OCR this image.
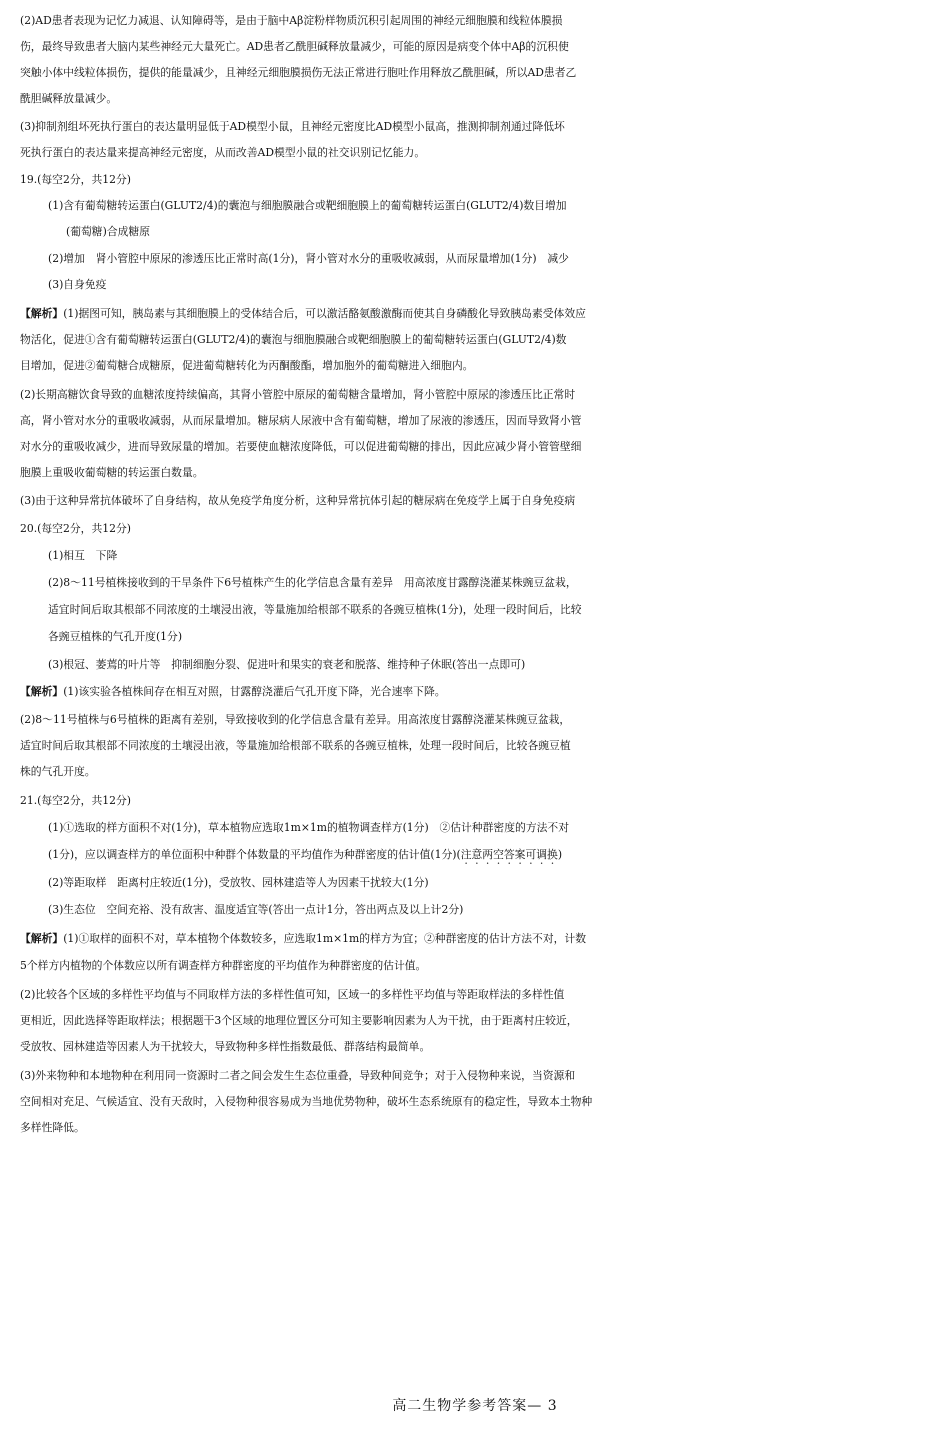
(2)AD患者表现为记忆力减退、认知障碍等，是由于脑中Aβ淀粉样物质沉积引起周围的神经元细胞膜和线粒体膜损
伤，最终导致患者大脑内某些神经元大量死亡。AD患者乙酰胆碱释放量减少，可能的原因是病变个体中Aβ的沉积使
突触小体中线粒体损伤，提供的能量减少，且神经元细胞膜损伤无法正常进行胞吐作用释放乙酰胆碱，所以AD患者乙
酰胆碱释放量减少。
(3)抑制剂组坏死执行蛋白的表达量明显低于AD模型小鼠，且神经元密度比AD模型小鼠高，推测抑制剂通过降低坏
死执行蛋白的表达量来提高神经元密度，从而改善AD模型小鼠的社交识别记忆能力。
19.(每空2分，共12分)
(1)含有葡萄糖转运蛋白(GLUT2/4)的囊泡与细胞膜融合或靶细胞膜上的葡萄糖转运蛋白(GLUT2/4)数目增加
(葡萄糖)合成糖原
(2)增加　肾小管腔中原尿的渗透压比正常时高(1分)，肾小管对水分的重吸收减弱，从而尿量增加(1分)　减少
(3)自身免疫
【解析】(1)据图可知，胰岛素与其细胞膜上的受体结合后，可以激活酪氨酸激酶而使其自身磷酸化导致胰岛素受体效应
物活化，促进①含有葡萄糖转运蛋白(GLUT2/4)的囊泡与细胞膜融合或靶细胞膜上的葡萄糖转运蛋白(GLUT2/4)数
目增加，促进②葡萄糖合成糖原，促进葡萄糖转化为丙酮酸酯，增加胞外的葡萄糖进入细胞内。
(2)长期高糖饮食导致的血糖浓度持续偏高，其肾小管腔中原尿的葡萄糖含量增加，肾小管腔中原尿的渗透压比正常时
高，肾小管对水分的重吸收减弱，从而尿量增加。糖尿病人尿液中含有葡萄糖，增加了尿液的渗透压，因而导致肾小管
对水分的重吸收减少，进而导致尿量的增加。若要使血糖浓度降低，可以促进葡萄糖的排出，因此应减少肾小管管壁细
胞膜上重吸收葡萄糖的转运蛋白数量。
(3)由于这种异常抗体破坏了自身结构，故从免疫学角度分析，这种异常抗体引起的糖尿病在免疫学上属于自身免疫病
20.(每空2分，共12分)
(1)相互　下降
(2)8～11号植株接收到的干旱条件下6号植株产生的化学信息含量有差异　用高浓度甘露醇浇灌某株豌豆盆栽，
适宜时间后取其根部不同浓度的土壤浸出液，等量施加给根部不联系的各豌豆植株(1分)，处理一段时间后，比较
各豌豆植株的气孔开度(1分)
(3)根冠、萎蔫的叶片等　抑制细胞分裂、促进叶和果实的衰老和脱落、维持种子休眠(答出一点即可)
【解析】(1)该实验各植株间存在相互对照，甘露醇浇灌后气孔开度下降，光合速率下降。
(2)8～11号植株与6号植株的距离有差别，导致接收到的化学信息含量有差异。用高浓度甘露醇浇灌某株豌豆盆栽，
适宜时间后取其根部不同浓度的土壤浸出液，等量施加给根部不联系的各豌豆植株，处理一段时间后，比较各豌豆植
株的气孔开度。
21.(每空2分，共12分)
(1)①选取的样方面积不对(1分)，草本植物应选取1m×1m的植物调查样方(1分)　②估计种群密度的方法不对
(1分)，应以调查样方的单位面积中种群个体数量的平均值作为种群密度的估计值(1分)(注意两空答案可调换)
(2)等距取样　距离村庄较近(1分)，受放牧、园林建造等人为因素干扰较大(1分)
(3)生态位　空间充裕、没有敌害、温度适宜等(答出一点计1分，答出两点及以上计2分)
【解析】(1)①取样的面积不对，草本植物个体数较多，应选取1m×1m的样方为宜；②种群密度的估计方法不对，计数
5个样方内植物的个体数应以所有调查样方种群密度的平均值作为种群密度的估计值。
(2)比较各个区域的多样性平均值与不同取样方法的多样性值可知，区域一的多样性平均值与等距取样法的多样性值
更相近，因此选择等距取样法；根据题干3个区域的地理位置区分可知主要影响因素为人为干扰，由于距离村庄较近，
受放牧、园林建造等因素人为干扰较大，导致物种多样性指数最低、群落结构最简单。
(3)外来物种和本地物种在利用同一资源时二者之间会发生生态位重叠，导致种间竞争；对于入侵物种来说，当资源和
空间相对充足、气候适宜、没有天敌时，入侵物种很容易成为当地优势物种，破坏生态系统原有的稳定性，导致本土物种
多样性降低。
高二生物学参考答案— 3
